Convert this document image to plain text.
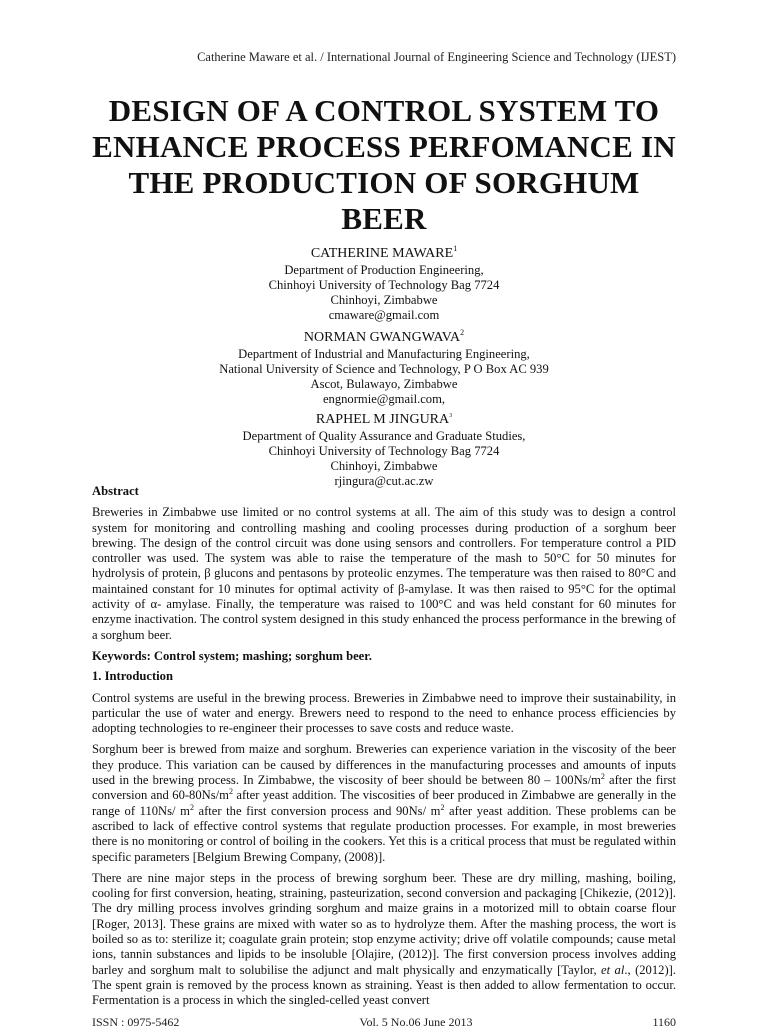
Catherine Maware et al. / International Journal of Engineering Science and Technology (IJEST)
DESIGN OF A CONTROL SYSTEM TO
ENHANCE PROCESS PERFOMANCE IN
THE PRODUCTION OF SORGHUM
BEER
CATHERINE MAWARE$^1$
Department of Production Engineering,
Chinhoyi University of Technology Bag 7724
Chinhoyi, Zimbabwe
cmaware@gmail.com
NORMAN GWANGWAVA$^2$
Department of Industrial and Manufacturing Engineering,
National University of Science and Technology, P O Box AC 939
Ascot, Bulawayo, Zimbabwe
engnormie@gmail.com,
RAPHEL M JINGURA$^3$
Department of Quality Assurance and Graduate Studies,
Chinhoyi University of Technology Bag 7724
Chinhoyi, Zimbabwe
rjingura@cut.ac.zw
Abstract

Breweries in Zimbabwe use limited or no control systems at all. The aim of this study was to design a control system for monitoring and controlling mashing and cooling processes during production of a sorghum beer brewing. The design of the control circuit was done using sensors and controllers. For temperature control a PID controller was used. The system was able to raise the temperature of the mash to 50°C for 50 minutes for hydrolysis of protein, β glucons and pentasons by proteolic enzymes. The temperature was then raised to 80°C and maintained constant for 10 minutes for optimal activity of β-amylase. It was then raised to 95°C for the optimal activity of α- amylase. Finally, the temperature was raised to 100°C and was held constant for 60 minutes for enzyme inactivation. The control system designed in this study enhanced the process performance in the brewing of a sorghum beer.

Keywords: Control system; mashing; sorghum beer.
1. Introduction

Control systems are useful in the brewing process. Breweries in Zimbabwe need to improve their sustainability, in particular the use of water and energy. Brewers need to respond to the need to enhance process efficiencies by adopting technologies to re-engineer their processes to save costs and reduce waste.

Sorghum beer is brewed from maize and sorghum. Breweries can experience variation in the viscosity of the beer they produce. This variation can be caused by differences in the manufacturing processes and amounts of inputs used in the brewing process. In Zimbabwe, the viscosity of beer should be between $80 - 100Ns/m^2$ after the first conversion and $60-80Ns/m^2$ after yeast addition. The viscosities of beer produced in Zimbabwe are generally in the range of 110Ns/ $m^2$ after the first conversion process and 90Ns/ $m^2$ after yeast addition. These problems can be ascribed to lack of effective control systems that regulate production processes. For example, in most breweries there is no monitoring or control of boiling in the cookers. Yet this is a critical process that must be regulated within specific parameters [Belgium Brewing Company, (2008)].

There are nine major steps in the process of brewing sorghum beer. These are dry milling, mashing, boiling, cooling for first conversion, heating, straining, pasteurization, second conversion and packaging [Chikezie, (2012)]. The dry milling process involves grinding sorghum and maize grains in a motorized mill to obtain coarse flour [Roger, 2013]. These grains are mixed with water so as to hydrolyze them. After the mashing process, the wort is boiled so as to: sterilize it; coagulate grain protein; stop enzyme activity; drive off volatile compounds; cause metal ions, tannin substances and lipids to be insoluble [Olajire, (2012)]. The first conversion process involves adding barley and sorghum malt to solubilise the adjunct and malt physically and enzymatically [Taylor, et al., (2012)]. The spent grain is removed by the process known as straining. Yeast is then added to allow fermentation to occur. Fermentation is a process in which the singled-celled yeast convert

ISSN : 0975-5462	Vol. 5 No.06 June 2013	1160
